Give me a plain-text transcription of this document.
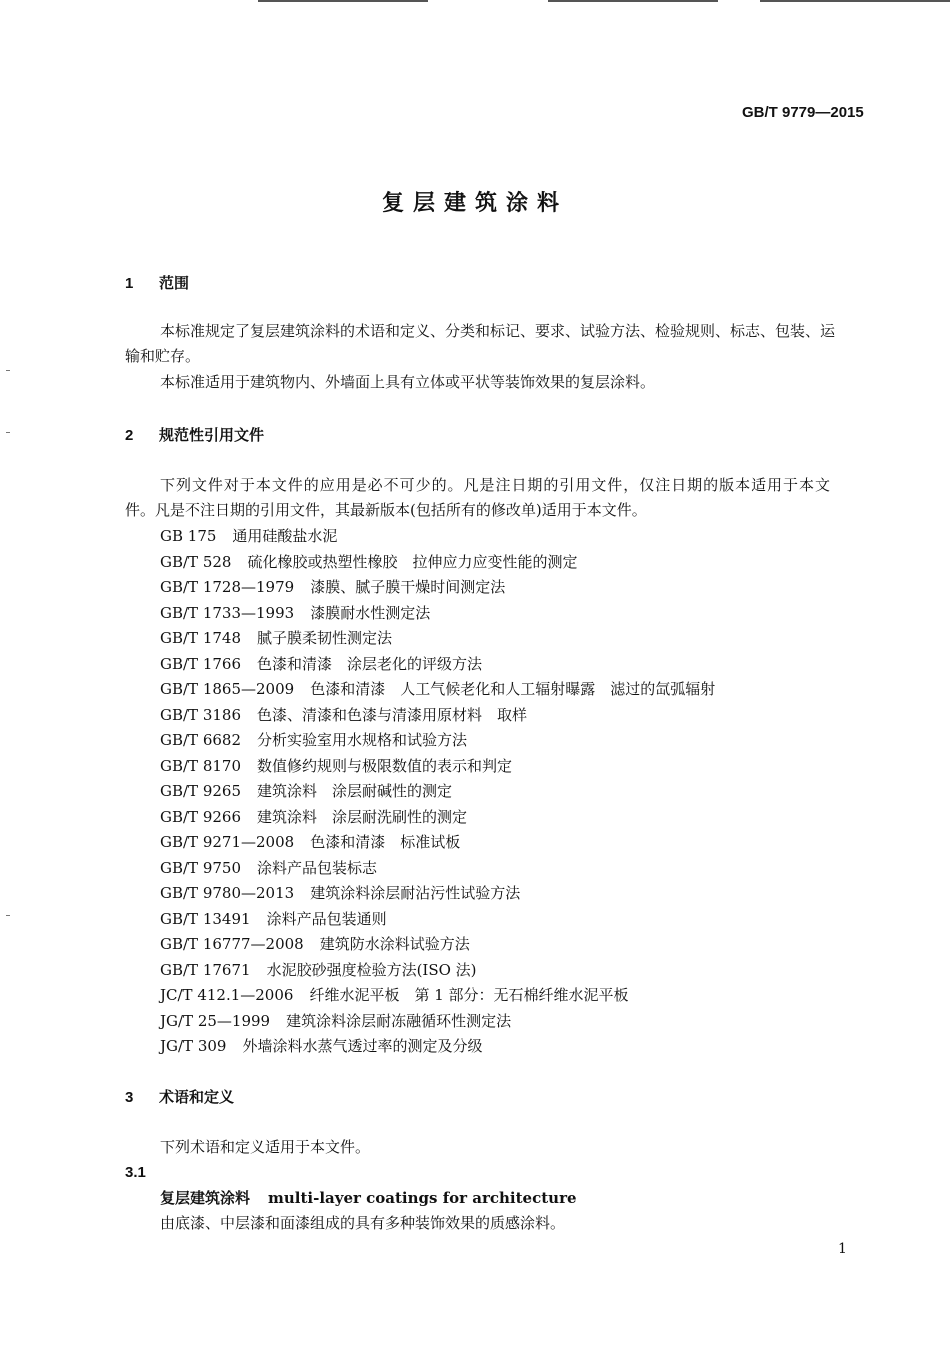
GB/T 9779—2015
复层建筑涂料
1 范围
本标准规定了复层建筑涂料的术语和定义、分类和标记、要求、试验方法、检验规则、标志、包装、运
输和贮存。
本标准适用于建筑物内、外墙面上具有立体或平状等装饰效果的复层涂料。
2 规范性引用文件
下列文件对于本文件的应用是必不可少的。凡是注日期的引用文件，仅注日期的版本适用于本文
件。凡是不注日期的引用文件，其最新版本(包括所有的修改单)适用于本文件。
GB 175 通用硅酸盐水泥
GB/T 528 硫化橡胶或热塑性橡胶　拉伸应力应变性能的测定
GB/T 1728—1979 漆膜、腻子膜干燥时间测定法
GB/T 1733—1993 漆膜耐水性测定法
GB/T 1748 腻子膜柔韧性测定法
GB/T 1766 色漆和清漆　涂层老化的评级方法
GB/T 1865—2009 色漆和清漆　人工气候老化和人工辐射曝露　滤过的氙弧辐射
GB/T 3186 色漆、清漆和色漆与清漆用原材料　取样
GB/T 6682 分析实验室用水规格和试验方法
GB/T 8170 数值修约规则与极限数值的表示和判定
GB/T 9265 建筑涂料　涂层耐碱性的测定
GB/T 9266 建筑涂料　涂层耐洗刷性的测定
GB/T 9271—2008 色漆和清漆　标准试板
GB/T 9750 涂料产品包装标志
GB/T 9780—2013 建筑涂料涂层耐沾污性试验方法
GB/T 13491 涂料产品包装通则
GB/T 16777—2008 建筑防水涂料试验方法
GB/T 17671 水泥胶砂强度检验方法(ISO 法)
JC/T 412.1—2006 纤维水泥平板　第 1 部分：无石棉纤维水泥平板
JG/T 25—1999 建筑涂料涂层耐冻融循环性测定法
JG/T 309 外墙涂料水蒸气透过率的测定及分级
3 术语和定义
下列术语和定义适用于本文件。
3.1
复层建筑涂料 multi-layer coatings for architecture
由底漆、中层漆和面漆组成的具有多种装饰效果的质感涂料。
1
